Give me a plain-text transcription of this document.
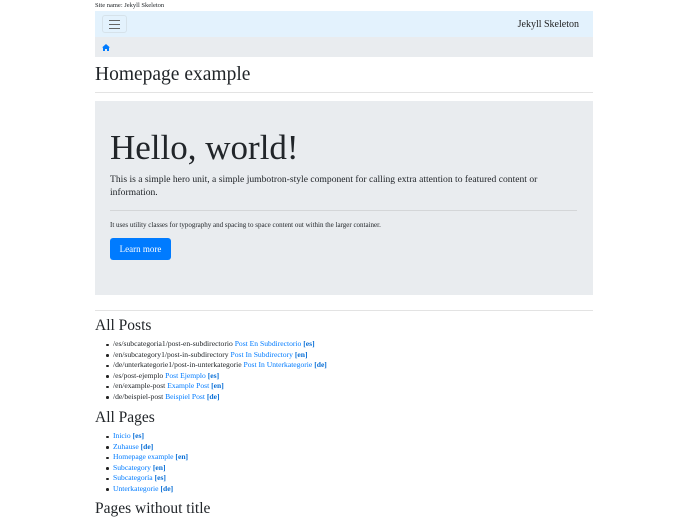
Site name: Jekyll Skeleton
Jekyll Skeleton
Homepage example
Hello, world!

This is a simple hero unit, a simple jumbotron-style component for calling extra attention to featured content or information.

It uses utility classes for typography and spacing to space content out within the larger container.

Learn more
All Posts
/es/subcategoria1/post-en-subdirectorio Post En Subdirectorio [es]
/en/subcategory1/post-in-subdirectory Post In Subdirectory [en]
/de/unterkategorie1/post-in-unterkategorie Post In Unterkategorie [de]
/es/post-ejemplo Post Ejemplo [es]
/en/example-post Example Post [en]
/de/beispiel-post Beispiel Post [de]
All Pages
Inicio [es]
Zuhause [de]
Homepage example [en]
Subcategory [en]
Subcategoría [es]
Unterkategorie [de]
Pages without title
